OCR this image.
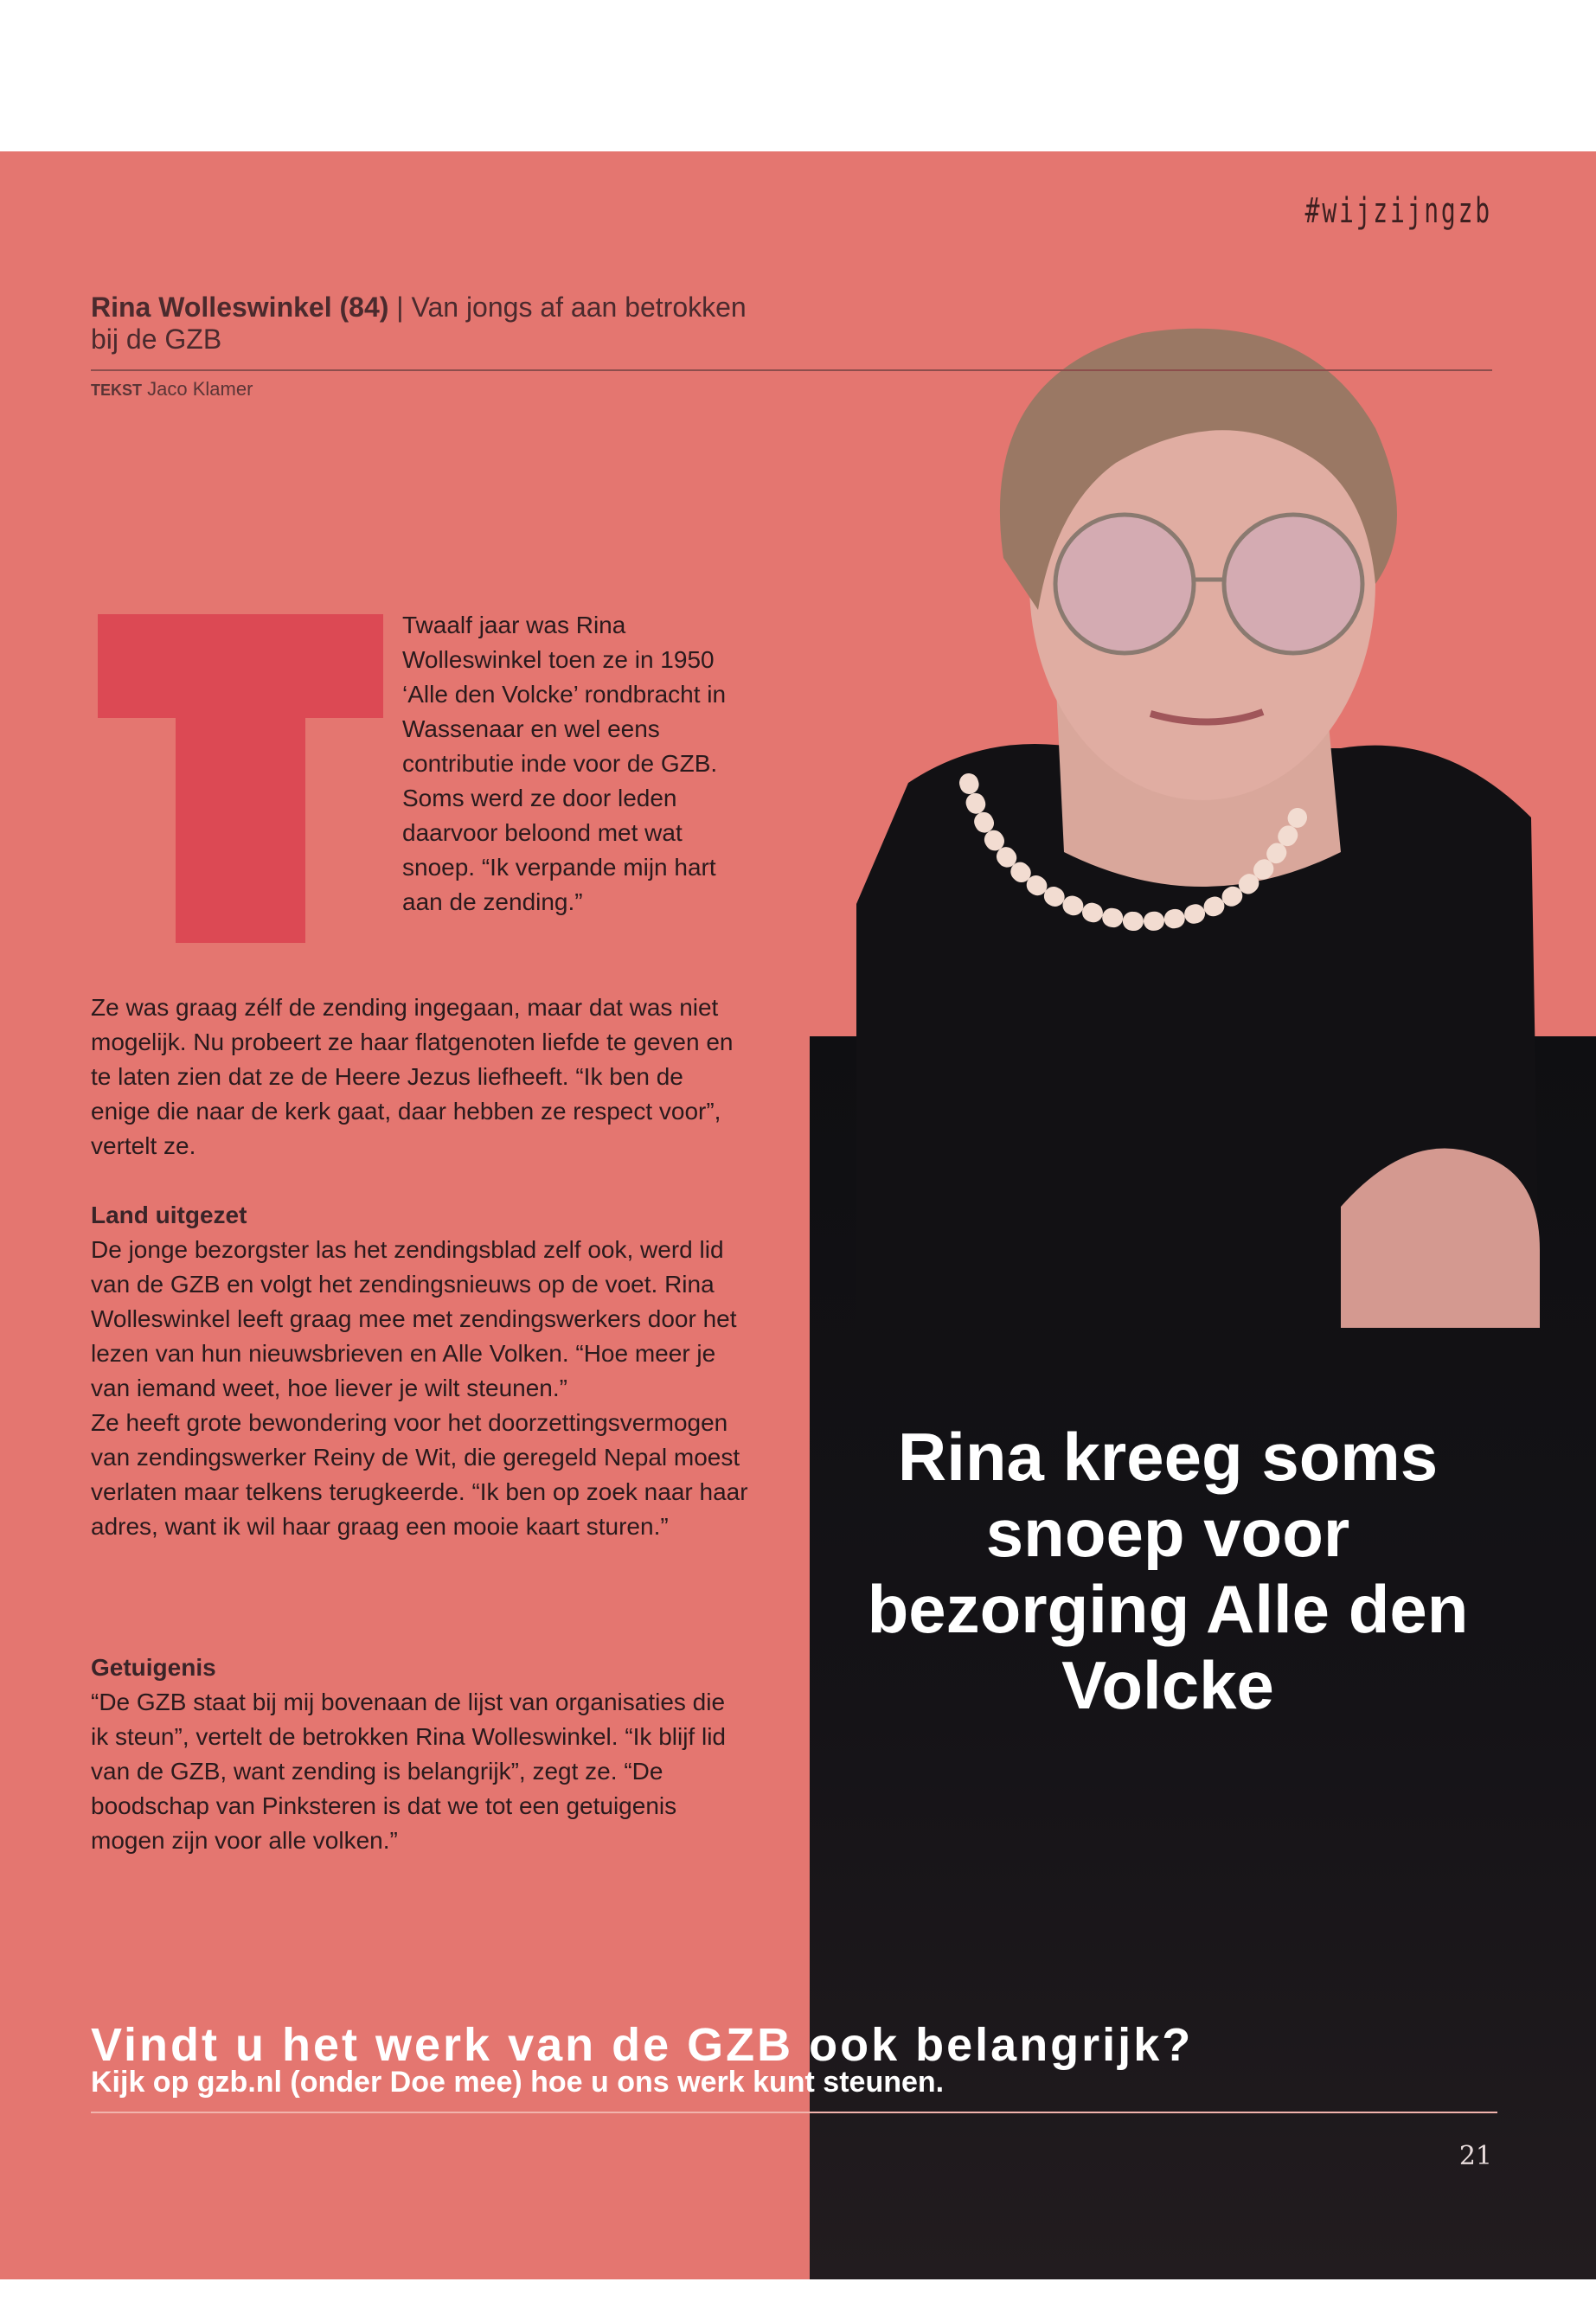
#wijzijngzb
Rina Wolleswinkel (84) | Van jongs af aan betrokken bij de GZB
TEKST Jaco Klamer
Twaalf jaar was Rina Wolleswinkel toen ze in 1950 ‘Alle den Volcke’ rondbracht in Wassenaar en wel eens contributie inde voor de GZB. Soms werd ze door leden daarvoor beloond met wat snoep. “Ik verpande mijn hart aan de zending.”

Ze was graag zélf de zending ingegaan, maar dat was niet mogelijk. Nu probeert ze haar flatgenoten liefde te geven en te laten zien dat ze de Heere Jezus liefheeft. “Ik ben de enige die naar de kerk gaat, daar hebben ze respect voor”, vertelt ze.

Land uitgezet

De jonge bezorgster las het zendingsblad zelf ook, werd lid van de GZB en volgt het zendingsnieuws op de voet. Rina Wolleswinkel leeft graag mee met zendingswerkers door het lezen van hun nieuwsbrieven en Alle Volken. “Hoe meer je van iemand weet, hoe liever je wilt steunen.”

Ze heeft grote bewondering voor het doorzettingsvermogen van zendingswerker Reiny de Wit, die geregeld Nepal moest verlaten maar telkens terugkeerde. “Ik ben op zoek naar haar adres, want ik wil haar graag een mooie kaart sturen.”

Getuigenis

“De GZB staat bij mij bovenaan de lijst van organisaties die ik steun”, vertelt de betrokken Rina Wolleswinkel. “Ik blijf lid van de GZB, want zending is belangrijk”, zegt ze. “De boodschap van Pinksteren is dat we tot een getuigenis mogen zijn voor alle volken.”

Rina kreeg soms snoep voor bezorging Alle den Volcke
Vindt u het werk van de GZB ook belangrijk?
Kijk op gzb.nl (onder Doe mee) hoe u ons werk kunt steunen.
21
